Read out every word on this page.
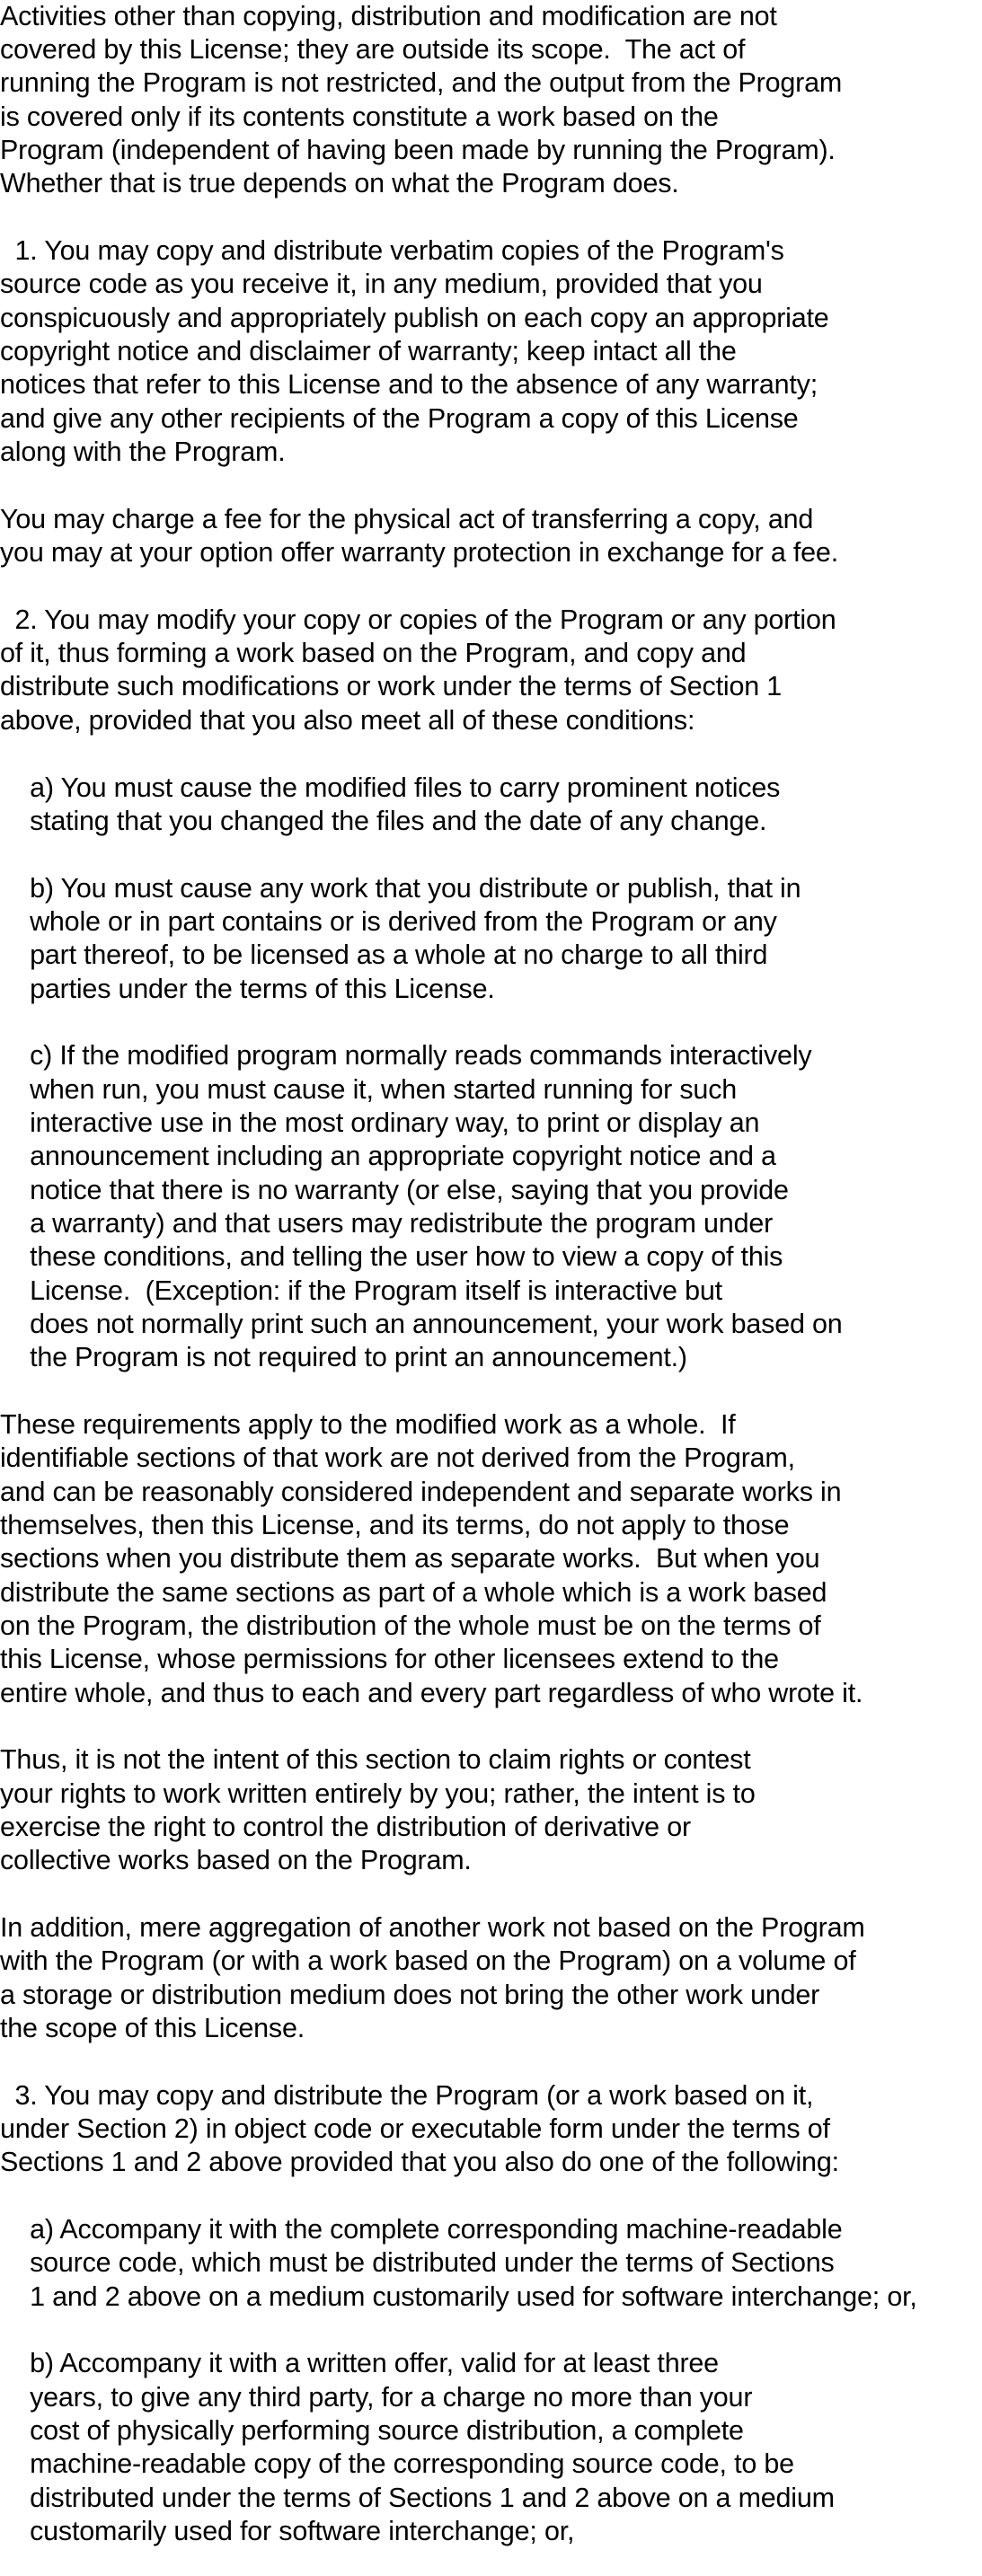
Activities other than copying, distribution and modification are not
covered by this License; they are outside its scope.  The act of
running the Program is not restricted, and the output from the Program
is covered only if its contents constitute a work based on the
Program (independent of having been made by running the Program).
Whether that is true depends on what the Program does.
1. You may copy and distribute verbatim copies of the Program's
source code as you receive it, in any medium, provided that you
conspicuously and appropriately publish on each copy an appropriate
copyright notice and disclaimer of warranty; keep intact all the
notices that refer to this License and to the absence of any warranty;
and give any other recipients of the Program a copy of this License
along with the Program.
You may charge a fee for the physical act of transferring a copy, and
you may at your option offer warranty protection in exchange for a fee.
2. You may modify your copy or copies of the Program or any portion
of it, thus forming a work based on the Program, and copy and
distribute such modifications or work under the terms of Section 1
above, provided that you also meet all of these conditions:
a) You must cause the modified files to carry prominent notices
stating that you changed the files and the date of any change.
b) You must cause any work that you distribute or publish, that in
whole or in part contains or is derived from the Program or any
part thereof, to be licensed as a whole at no charge to all third
parties under the terms of this License.
c) If the modified program normally reads commands interactively
when run, you must cause it, when started running for such
interactive use in the most ordinary way, to print or display an
announcement including an appropriate copyright notice and a
notice that there is no warranty (or else, saying that you provide
a warranty) and that users may redistribute the program under
these conditions, and telling the user how to view a copy of this
License.  (Exception: if the Program itself is interactive but
does not normally print such an announcement, your work based on
the Program is not required to print an announcement.)
These requirements apply to the modified work as a whole.  If
identifiable sections of that work are not derived from the Program,
and can be reasonably considered independent and separate works in
themselves, then this License, and its terms, do not apply to those
sections when you distribute them as separate works.  But when you
distribute the same sections as part of a whole which is a work based
on the Program, the distribution of the whole must be on the terms of
this License, whose permissions for other licensees extend to the
entire whole, and thus to each and every part regardless of who wrote it.
Thus, it is not the intent of this section to claim rights or contest
your rights to work written entirely by you; rather, the intent is to
exercise the right to control the distribution of derivative or
collective works based on the Program.
In addition, mere aggregation of another work not based on the Program
with the Program (or with a work based on the Program) on a volume of
a storage or distribution medium does not bring the other work under
the scope of this License.
3. You may copy and distribute the Program (or a work based on it,
under Section 2) in object code or executable form under the terms of
Sections 1 and 2 above provided that you also do one of the following:
a) Accompany it with the complete corresponding machine-readable
source code, which must be distributed under the terms of Sections
1 and 2 above on a medium customarily used for software interchange; or,
b) Accompany it with a written offer, valid for at least three
years, to give any third party, for a charge no more than your
cost of physically performing source distribution, a complete
machine-readable copy of the corresponding source code, to be
distributed under the terms of Sections 1 and 2 above on a medium
customarily used for software interchange; or,
